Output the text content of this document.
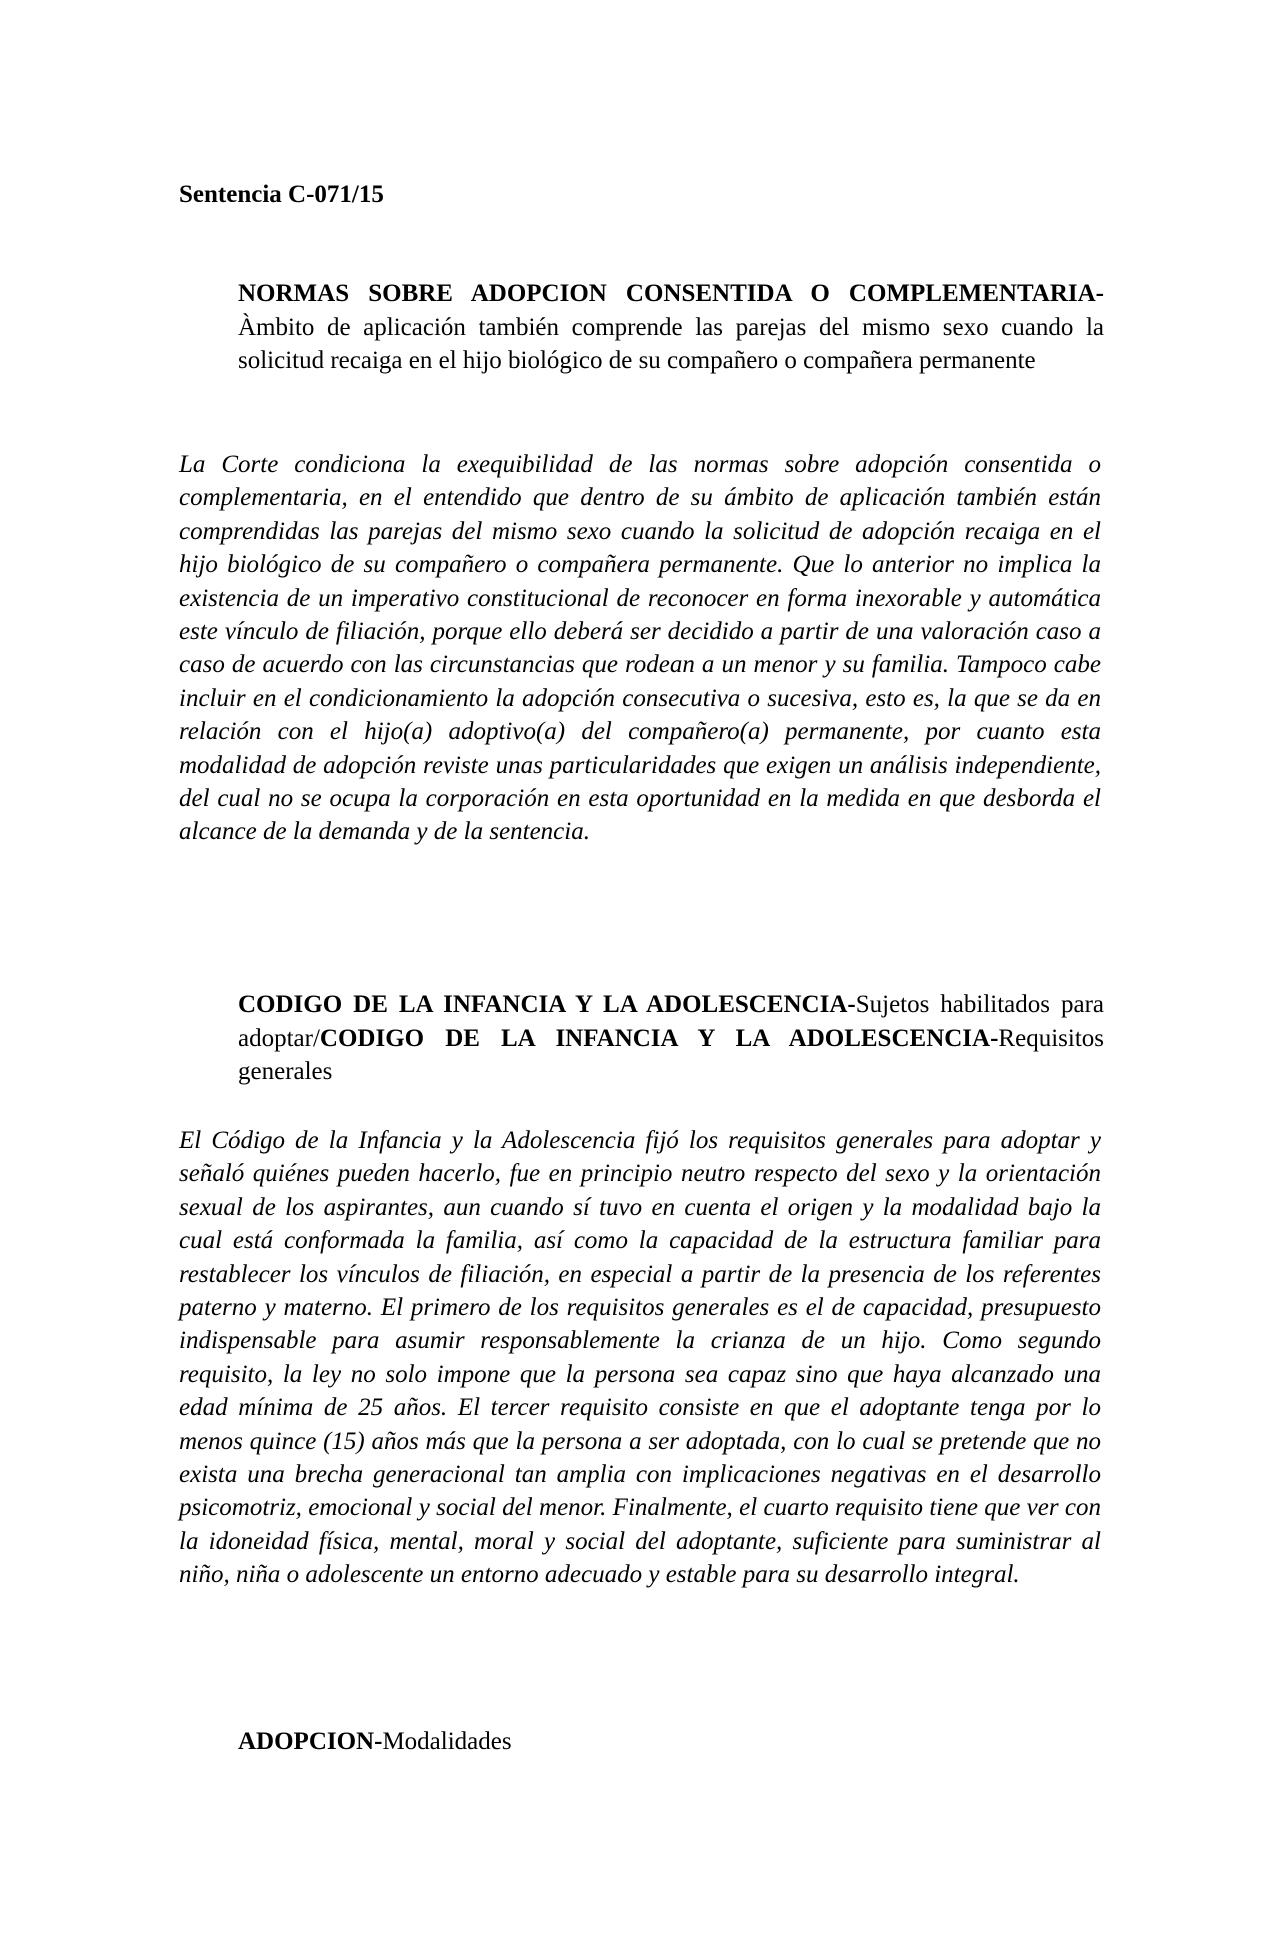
Sentencia C-071/15

NORMAS SOBRE ADOPCION CONSENTIDA O COMPLEMENTARIA-Àmbito de aplicación también comprende las parejas del mismo sexo cuando la solicitud recaiga en el hijo biológico de su compañero o compañera permanente

La Corte condiciona la exequibilidad de las normas sobre adopción consentida o complementaria, en el entendido que dentro de su ámbito de aplicación también están comprendidas las parejas del mismo sexo cuando la solicitud de adopción recaiga en el hijo biológico de su compañero o compañera permanente. Que lo anterior no implica la existencia de un imperativo constitucional de reconocer en forma inexorable y automática este vínculo de filiación, porque ello deberá ser decidido a partir de una valoración caso a caso de acuerdo con las circunstancias que rodean a un menor y su familia. Tampoco cabe incluir en el condicionamiento la adopción consecutiva o sucesiva, esto es, la que se da en relación con el hijo(a) adoptivo(a) del compañero(a) permanente, por cuanto esta modalidad de adopción reviste unas particularidades que exigen un análisis independiente, del cual no se ocupa la corporación en esta oportunidad en la medida en que desborda el alcance de la demanda y de la sentencia.

CODIGO DE LA INFANCIA Y LA ADOLESCENCIA-Sujetos habilitados para adoptar/CODIGO DE LA INFANCIA Y LA ADOLESCENCIA-Requisitos generales

El Código de la Infancia y la Adolescencia fijó los requisitos generales para adoptar y señaló quiénes pueden hacerlo, fue en principio neutro respecto del sexo y la orientación sexual de los aspirantes, aun cuando sí tuvo en cuenta el origen y la modalidad bajo la cual está conformada la familia, así como la capacidad de la estructura familiar para restablecer los vínculos de filiación, en especial a partir de la presencia de los referentes paterno y materno. El primero de los requisitos generales es el de capacidad, presupuesto indispensable para asumir responsablemente la crianza de un hijo. Como segundo requisito, la ley no solo impone que la persona sea capaz sino que haya alcanzado una edad mínima de 25 años. El tercer requisito consiste en que el adoptante tenga por lo menos quince (15) años más que la persona a ser adoptada, con lo cual se pretende que no exista una brecha generacional tan amplia con implicaciones negativas en el desarrollo psicomotriz, emocional y social del menor. Finalmente, el cuarto requisito tiene que ver con la idoneidad física, mental, moral y social del adoptante, suficiente para suministrar al niño, niña o adolescente un entorno adecuado y estable para su desarrollo integral.

ADOPCION-Modalidades
